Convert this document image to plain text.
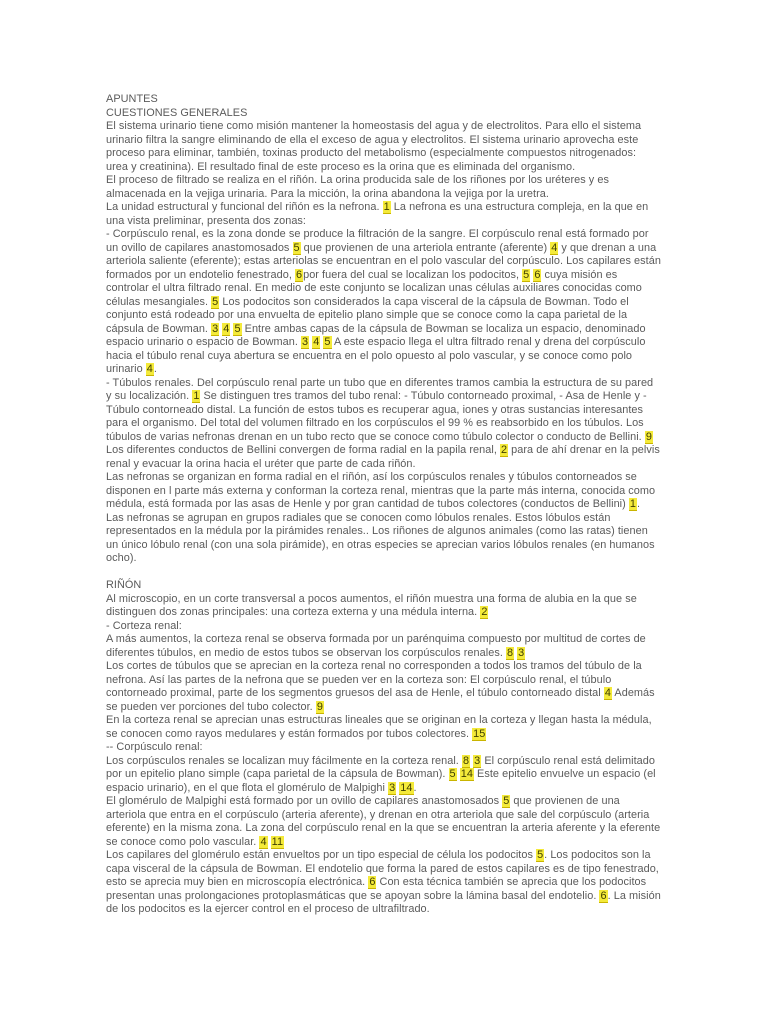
APUNTES
CUESTIONES GENERALES
El sistema urinario tiene como misión mantener la homeostasis del agua y de electrolitos. Para ello el sistema urinario filtra la sangre eliminando de ella el exceso de agua y electrolitos. El sistema urinario aprovecha este proceso para eliminar, también, toxinas producto del metabolismo (especialmente compuestos nitrogenados: urea y creatinina). El resultado final de este proceso es la orina que es eliminada del organismo.
El proceso de filtrado se realiza en el riñón. La orina producida sale de los riñones por los uréteres y es almacenada en la vejiga urinaria. Para la micción, la orina abandona la vejiga por la uretra.
La unidad estructural y funcional del riñón es la nefrona. 1 La nefrona es una estructura compleja, en la que en una vista preliminar, presenta dos zonas:
- Corpúsculo renal, es la zona donde se produce la filtración de la sangre. El corpúsculo renal está formado por un ovillo de capilares anastomosados 5 que provienen de una arteriola entrante (aferente) 4 y que drenan a una arteriola saliente (eferente); estas arteriolas se encuentran en el polo vascular del corpúsculo. Los capilares están formados por un endotelio fenestrado, 6por fuera del cual se localizan los podocitos, 5 6 cuya misión es controlar el ultra filtrado renal. En medio de este conjunto se localizan unas células auxiliares conocidas como células mesangiales. 5 Los podocitos son considerados la capa visceral de la cápsula de Bowman. Todo el conjunto está rodeado por una envuelta de epitelio plano simple que se conoce como la capa parietal de la cápsula de Bowman. 3 4 5 Entre ambas capas de la cápsula de Bowman se localiza un espacio, denominado espacio urinario o espacio de Bowman. 3 4 5 A este espacio llega el ultra filtrado renal y drena del corpúsculo hacia el túbulo renal cuya abertura se encuentra en el polo opuesto al polo vascular, y se conoce como polo urinario 4.
- Túbulos renales. Del corpúsculo renal parte un tubo que en diferentes tramos cambia la estructura de su pared y su localización. 1 Se distinguen tres tramos del tubo renal: - Túbulo contorneado proximal, - Asa de Henle y - Túbulo contorneado distal. La función de estos tubos es recuperar agua, iones y otras sustancias interesantes para el organismo. Del total del volumen filtrado en los corpúsculos el 99 % es reabsorbido en los túbulos. Los túbulos de varias nefronas drenan en un tubo recto que se conoce como túbulo colector o conducto de Bellini. 9 Los diferentes conductos de Bellini convergen de forma radial en la papila renal, 2 para de ahí drenar en la pelvis renal y evacuar la orina hacia el uréter que parte de cada riñón.
Las nefronas se organizan en forma radial en el riñón, así los corpúsculos renales y túbulos contorneados se disponen en l parte más externa y conforman la corteza renal, mientras que la parte más interna, conocida como médula, está formada por las asas de Henle y por gran cantidad de tubos colectores (conductos de Bellini) 1.
Las nefronas se agrupan en grupos radiales que se conocen como lóbulos renales. Estos lóbulos están representados en la médula por la pirámides renales.. Los riñones de algunos animales (como las ratas) tienen un único lóbulo renal (con una sola pirámide), en otras especies se aprecian varios lóbulos renales (en humanos ocho).
RIÑÓN
Al microscopio, en un corte transversal a pocos aumentos, el riñón muestra una forma de alubia en la que se distinguen dos zonas principales: una corteza externa y una médula interna. 2
- Corteza renal:
A más aumentos, la corteza renal se observa formada por un parénquima compuesto por multitud de cortes de diferentes túbulos, en medio de estos tubos se observan los corpúsculos renales. 8 3
Los cortes de túbulos que se aprecian en la corteza renal no corresponden a todos los tramos del túbulo de la nefrona. Así las partes de la nefrona que se pueden ver en la corteza son: El corpúsculo renal, el túbulo contorneado proximal, parte de los segmentos gruesos del asa de Henle, el túbulo contorneado distal 4 Además se pueden ver porciones del tubo colector. 9
En la corteza renal se aprecian unas estructuras lineales que se originan en la corteza y llegan hasta la médula, se conocen como rayos medulares y están formados por tubos colectores. 15
-- Corpúsculo renal:
Los corpúsculos renales se localizan muy fácilmente en la corteza renal. 8 3 El corpúsculo renal está delimitado por un epitelio plano simple (capa parietal de la cápsula de Bowman). 5 14 Este epitelio envuelve un espacio (el espacio urinario), en el que flota el glomérulo de Malpighi 3 14.
El glomérulo de Malpighi está formado por un ovillo de capilares anastomosados 5 que provienen de una arteriola que entra en el corpúsculo (arteria aferente), y drenan en otra arteriola que sale del corpúsculo (arteria eferente) en la misma zona. La zona del corpúsculo renal en la que se encuentran la arteria aferente y la eferente se conoce como polo vascular. 4 11
Los capilares del glomérulo están envueltos por un tipo especial de célula los podocitos 5. Los podocitos son la capa visceral de la cápsula de Bowman. El endotelio que forma la pared de estos capilares es de tipo fenestrado, esto se aprecia muy bien en microscopía electrónica. 6 Con esta técnica también se aprecia que los podocitos presentan unas prolongaciones protoplasmáticas que se apoyan sobre la lámina basal del endotelio. 6. La misión de los podocitos es la ejercer control en el proceso de ultrafiltrado.
